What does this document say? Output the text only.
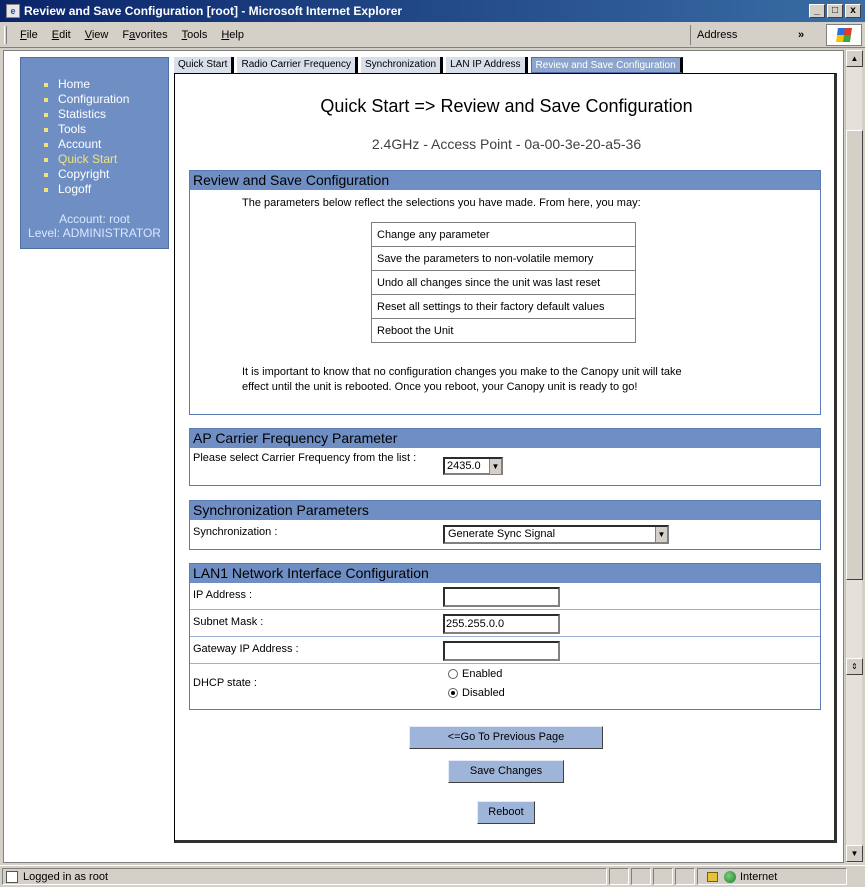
e Review and Save Configuration [root] - Microsoft Internet Explorer	_	□	x
File	Edit	View	Favorites	Tools	Help	Address	»
Home
Configuration
Statistics
Tools
Account
Quick Start
Copyright
Logoff
Account: root
Level: ADMINISTRATOR
Quick Start	Radio Carrier Frequency	Synchronization	LAN IP Address	Review and Save Configuration
Quick Start => Review and Save Configuration
2.4GHz - Access Point - 0a-00-3e-20-a5-36
Review and Save Configuration
The parameters below reflect the selections you have made. From here, you may:
Change any parameter
Save the parameters to non-volatile memory
Undo all changes since the unit was last reset
Reset all settings to their factory default values
Reboot the Unit
It is important to know that no configuration changes you make to the Canopy unit will take
effect until the unit is rebooted. Once you reboot, your Canopy unit is ready to go!
AP Carrier Frequency Parameter
Please select Carrier Frequency from the list :
2435.0	▼
Synchronization Parameters
Synchronization :	Generate Sync Signal	▼
LAN1 Network Interface Configuration
IP Address :
Subnet Mask :	255.255.0.0
Gateway IP Address :
DHCP state :
Enabled
Disabled
<=Go To Previous Page
Save Changes
Reboot
▲
⇕
▼
Logged in as root	Internet
